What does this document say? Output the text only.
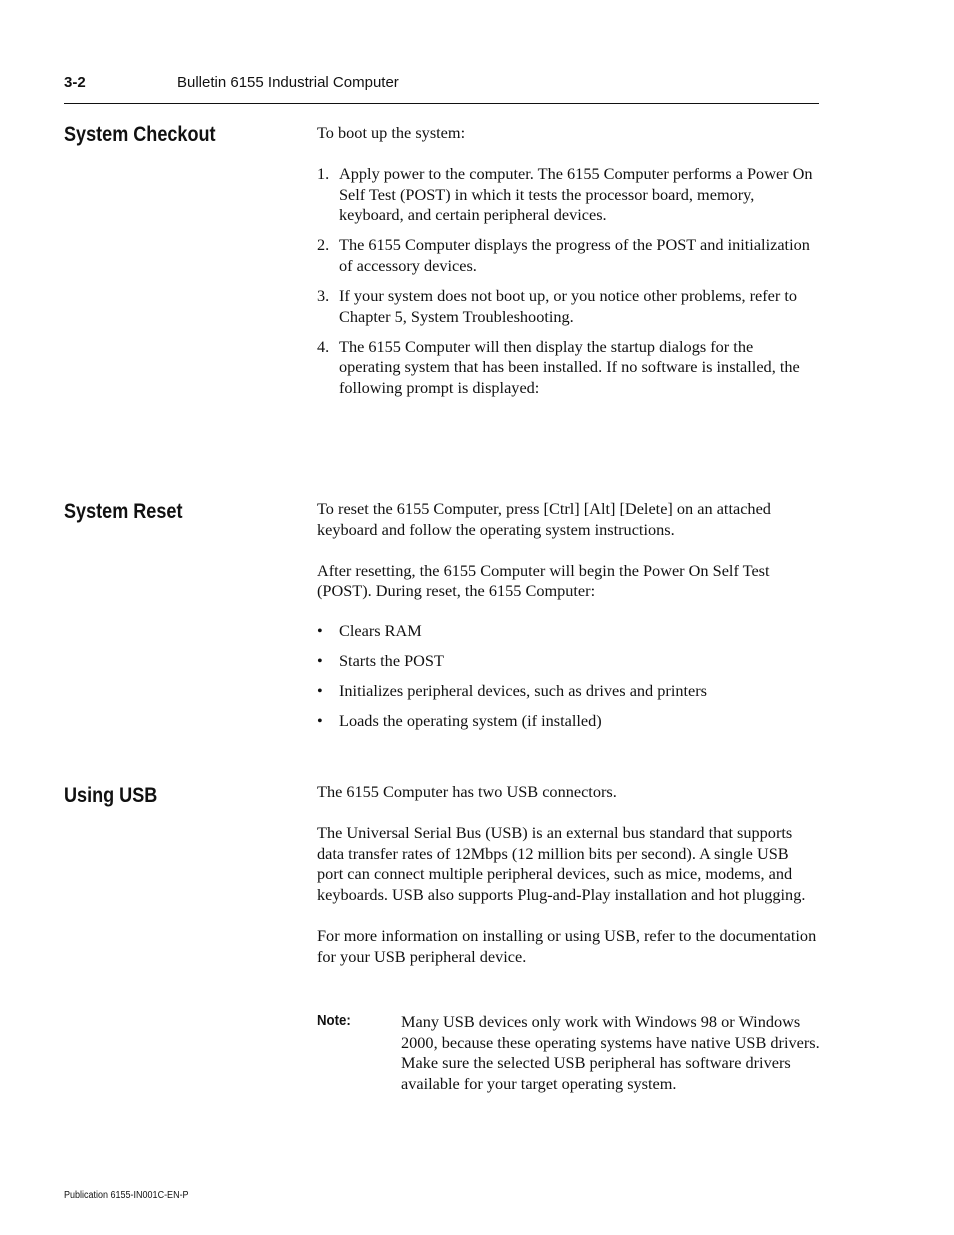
3-2	Bulletin 6155 Industrial Computer
System Checkout	To boot up the system:

1. Apply power to the computer. The 6155 Computer performs a Power On Self Test (POST) in which it tests the processor board, memory, keyboard, and certain peripheral devices.
2. The 6155 Computer displays the progress of the POST and initialization of accessory devices.
3. If your system does not boot up, or you notice other problems, refer to Chapter 5, System Troubleshooting.
4. The 6155 Computer will then display the startup dialogs for the operating system that has been installed. If no software is installed, the following prompt is displayed:
System Reset	To reset the 6155 Computer, press [Ctrl] [Alt] [Delete] on an attached keyboard and follow the operating system instructions.

After resetting, the 6155 Computer will begin the Power On Self Test (POST). During reset, the 6155 Computer:

• Clears RAM
• Starts the POST
• Initializes peripheral devices, such as drives and printers
• Loads the operating system (if installed)
Using USB	The 6155 Computer has two USB connectors.

The Universal Serial Bus (USB) is an external bus standard that supports data transfer rates of 12Mbps (12 million bits per second). A single USB port can connect multiple peripheral devices, such as mice, modems, and keyboards. USB also supports Plug-and-Play installation and hot plugging.

For more information on installing or using USB, refer to the documentation for your USB peripheral device.

Note:	Many USB devices only work with Windows 98 or Windows 2000, because these operating systems have native USB drivers. Make sure the selected USB peripheral has software drivers available for your target operating system.
Publication 6155-IN001C-EN-P
